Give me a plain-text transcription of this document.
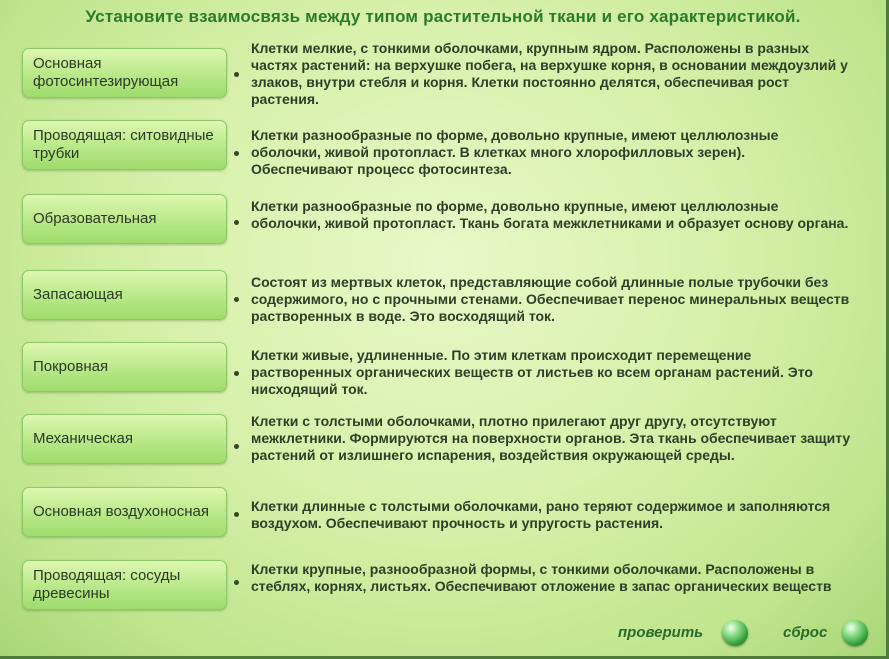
Установите взаимосвязь между типом растительной ткани и его характеристикой.
Основная фотосинтезирующая
Проводящая: ситовидные трубки
Образовательная
Запасающая
Покровная
Механическая
Основная воздухоносная
Проводящая: сосуды древесины
Клетки мелкие, с тонкими оболочками, крупным ядром. Расположены в разных частях растений: на верхушке побега, на верхушке корня, в основании междоузлий у злаков, внутри стебля и корня. Клетки постоянно делятся, обеспечивая рост растения.
Клетки разнообразные по форме, довольно крупные, имеют целлюлозные оболочки, живой протопласт. В клетках много хлорофилловых зерен). Обеспечивают процесс фотосинтеза.
Клетки разнообразные по форме, довольно крупные, имеют целлюлозные оболочки, живой протопласт. Ткань богата межклетниками и образует основу органа.
Состоят из мертвых клеток, представляющие собой длинные полые трубочки без содержимого, но с прочными стенами. Обеспечивает перенос минеральных веществ растворенных в воде. Это восходящий ток.
Клетки живые, удлиненные. По этим клеткам происходит перемещение растворенных органических веществ от листьев ко всем органам растений. Это нисходящий ток.
Клетки с толстыми оболочками, плотно прилегают друг другу, отсутствуют межклетники. Формируются на поверхности органов. Эта ткань обеспечивает защиту растений от излишнего испарения, воздействия окружающей среды.
Клетки длинные с толстыми оболочками, рано теряют содержимое и заполняются воздухом. Обеспечивают прочность и упругость растения.
Клетки крупные, разнообразной формы, с тонкими оболочками. Расположены в стеблях, корнях, листьях. Обеспечивают отложение в запас органических веществ
проверить	сброс
